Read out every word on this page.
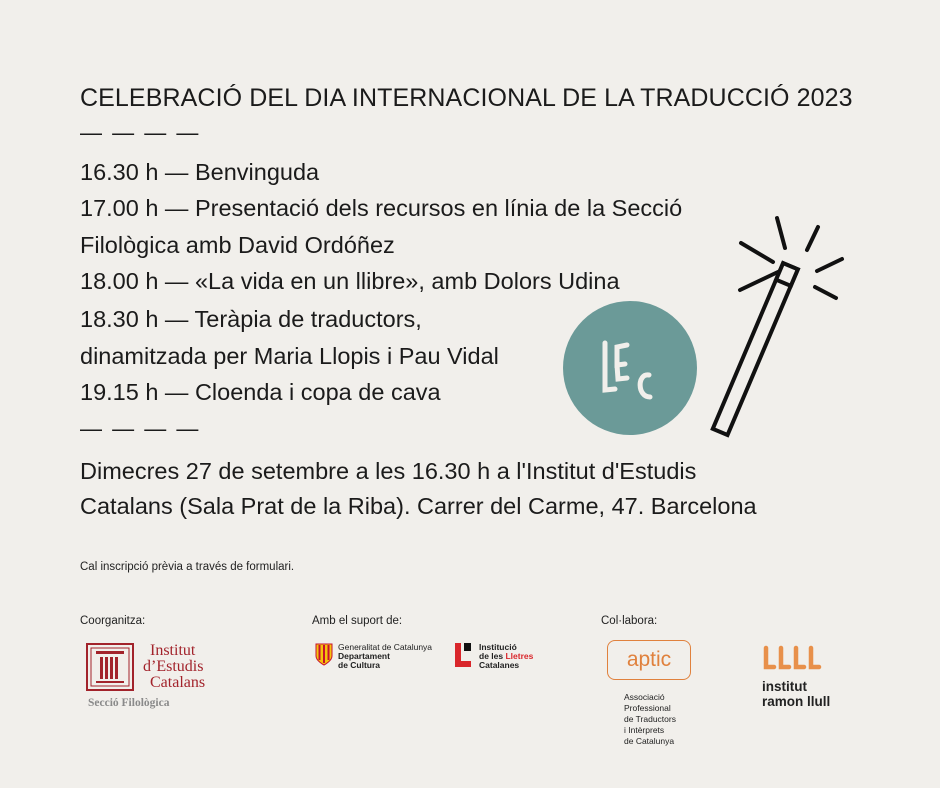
CELEBRACIÓ DEL DIA INTERNACIONAL DE LA TRADUCCIÓ 2023
— — — —
16.30 h — Benvinguda
17.00 h — Presentació dels recursos en línia de la Secció
Filològica amb David Ordóñez
18.00 h — «La vida en un llibre», amb Dolors Udina
18.30 h — Teràpia de traductors,
dinamitzada per Maria Llopis i Pau Vidal
19.15 h — Cloenda i copa de cava
— — — —
Dimecres 27 de setembre a les 16.30 h a l'Institut d'Estudis
Catalans (Sala Prat de la Riba). Carrer del Carme, 47. Barcelona
Cal inscripció prèvia a través de formulari.
Coorganitza:	Amb el suport de:	Col·labora:
Institut
d’Estudis
Catalans
Secció Filològica
Generalitat de Catalunya
Departament
de Cultura
Institució
de les Lletres
Catalanes	aptic
Associació
Professional
de Traductors
i Intèrprets
de Catalunya
institut
ramon llull
